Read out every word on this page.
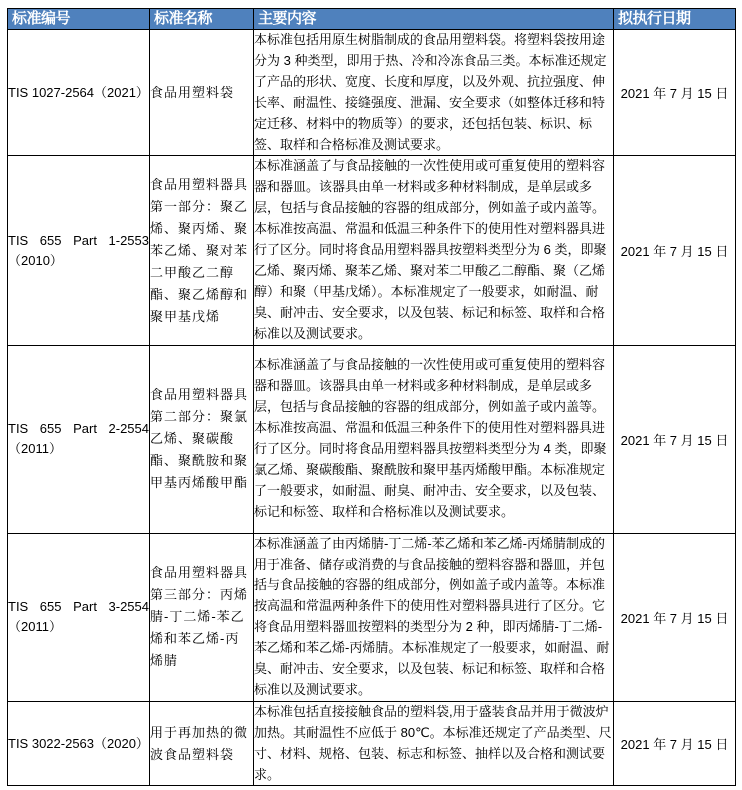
标准编号	标准名称	主要内容	拟执行日期
TIS 1027-2564（2021）	食品用塑料袋	本标准包括用原生树脂制成的食品用塑料袋。将塑料袋按用途分为 3 种类型，即用于热、冷和冷冻食品三类。本标准还规定了产品的形状、宽度、长度和厚度，以及外观、抗拉强度、伸长率、耐温性、接缝强度、泄漏、安全要求（如整体迁移和特定迁移、材料中的物质等）的要求，还包括包装、标识、标签、取样和合格标准及测试要求。	2021 年 7 月 15 日
TIS 655 Part 1-2553（2010）	食品用塑料器具第一部分：聚乙烯、聚丙烯、聚苯乙烯、聚对苯二甲酸乙二醇酯、聚乙烯醇和聚甲基戊烯	本标准涵盖了与食品接触的一次性使用或可重复使用的塑料容器和器皿。该器具由单一材料或多种材料制成，是单层或多层，包括与食品接触的容器的组成部分，例如盖子或内盖等。本标准按高温、常温和低温三种条件下的使用性对塑料器具进行了区分。同时将食品用塑料器具按塑料类型分为 6 类，即聚乙烯、聚丙烯、聚苯乙烯、聚对苯二甲酸乙二醇酯、聚（乙烯醇）和聚（甲基戊烯）。本标准规定了一般要求，如耐温、耐臭、耐冲击、安全要求，以及包装、标记和标签、取样和合格标准以及测试要求。	2021 年 7 月 15 日
TIS 655 Part 2-2554（2011）	食品用塑料器具第二部分：聚氯乙烯、聚碳酸酯、聚酰胺和聚甲基丙烯酸甲酯	本标准涵盖了与食品接触的一次性使用或可重复使用的塑料容器和器皿。该器具由单一材料或多种材料制成，是单层或多层，包括与食品接触的容器的组成部分，例如盖子或内盖等。本标准按高温、常温和低温三种条件下的使用性对塑料器具进行了区分。同时将食品用塑料器具按塑料类型分为 4 类，即聚氯乙烯、聚碳酸酯、聚酰胺和聚甲基丙烯酸甲酯。本标准规定了一般要求，如耐温、耐臭、耐冲击、安全要求，以及包装、标记和标签、取样和合格标准以及测试要求。	2021 年 7 月 15 日
TIS 655 Part 3-2554（2011）	食品用塑料器具第三部分：丙烯腈-丁二烯-苯乙烯和苯乙烯-丙烯腈	本标准涵盖了由丙烯腈-丁二烯-苯乙烯和苯乙烯-丙烯腈制成的用于准备、储存或消费的与食品接触的塑料容器和器皿，并包括与食品接触的容器的组成部分，例如盖子或内盖等。本标准按高温和常温两种条件下的使用性对塑料器具进行了区分。它将食品用塑料器皿按塑料的类型分为 2 种，即丙烯腈-丁二烯-苯乙烯和苯乙烯-丙烯腈。本标准规定了一般要求，如耐温、耐臭、耐冲击、安全要求，以及包装、标记和标签、取样和合格标准以及测试要求。	2021 年 7 月 15 日
TIS 3022-2563（2020）	用于再加热的微波食品塑料袋	本标准包括直接接触食品的塑料袋,用于盛装食品并用于微波炉加热。其耐温性不应低于 80℃。本标准还规定了产品类型、尺寸、材料、规格、包装、标志和标签、抽样以及合格和测试要求。	2021 年 7 月 15 日
